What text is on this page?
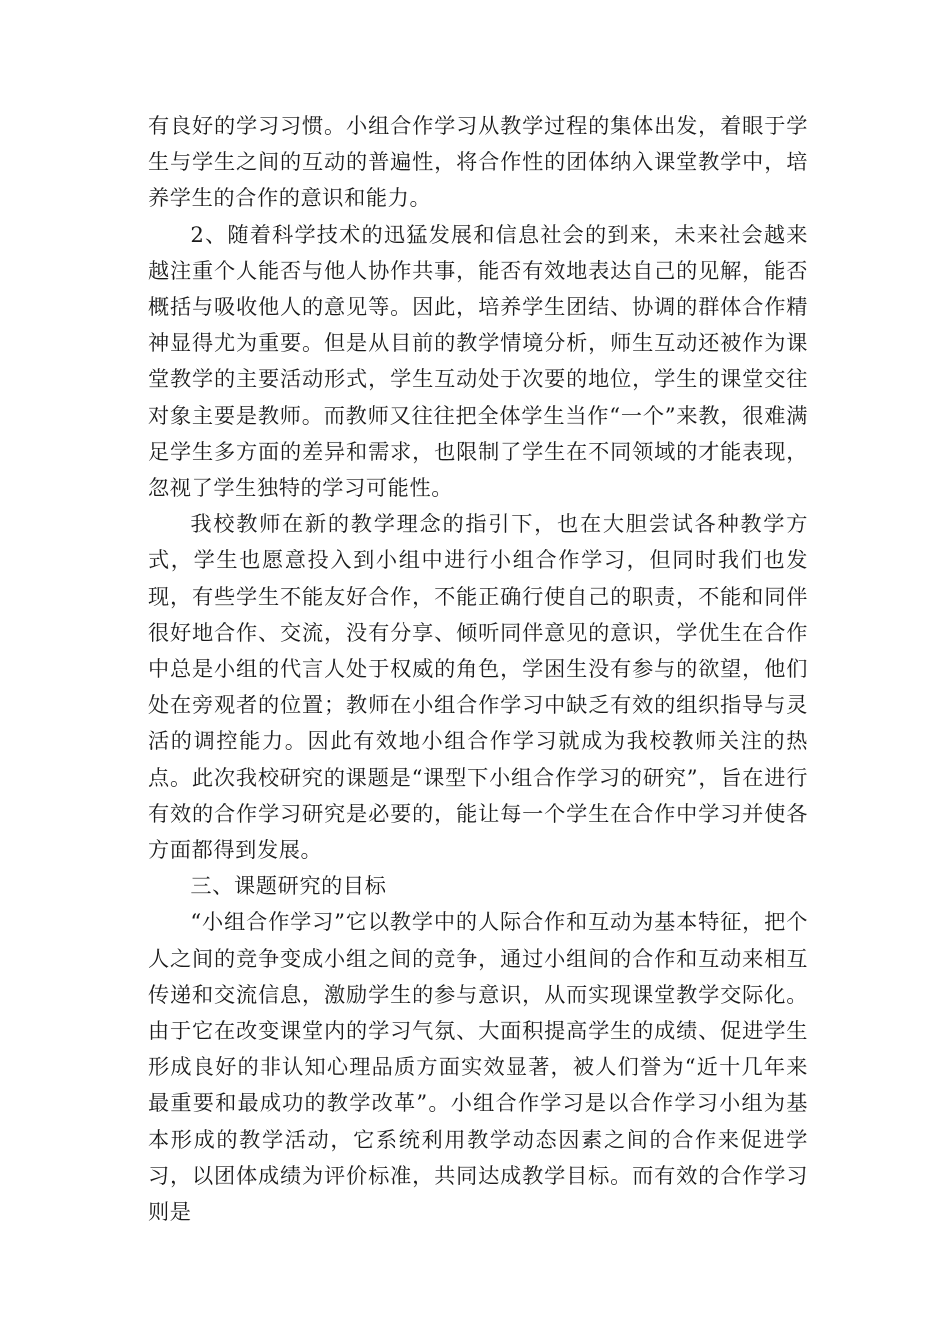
有良好的学习习惯。小组合作学习从教学过程的集体出发，着眼于学生与学生之间的互动的普遍性，将合作性的团体纳入课堂教学中，培养学生的合作的意识和能力。

2、随着科学技术的迅猛发展和信息社会的到来，未来社会越来越注重个人能否与他人协作共事，能否有效地表达自己的见解，能否概括与吸收他人的意见等。因此，培养学生团结、协调的群体合作精神显得尤为重要。但是从目前的教学情境分析，师生互动还被作为课堂教学的主要活动形式，学生互动处于次要的地位，学生的课堂交往对象主要是教师。而教师又往往把全体学生当作“一个”来教，很难满足学生多方面的差异和需求，也限制了学生在不同领域的才能表现，忽视了学生独特的学习可能性。

我校教师在新的教学理念的指引下，也在大胆尝试各种教学方式，学生也愿意投入到小组中进行小组合作学习，但同时我们也发现，有些学生不能友好合作，不能正确行使自己的职责，不能和同伴很好地合作、交流，没有分享、倾听同伴意见的意识，学优生在合作中总是小组的代言人处于权威的角色，学困生没有参与的欲望，他们处在旁观者的位置；教师在小组合作学习中缺乏有效的组织指导与灵活的调控能力。因此有效地小组合作学习就成为我校教师关注的热点。此次我校研究的课题是“课型下小组合作学习的研究”，旨在进行有效的合作学习研究是必要的，能让每一个学生在合作中学习并使各方面都得到发展。

三、课题研究的目标

“小组合作学习”它以教学中的人际合作和互动为基本特征，把个人之间的竞争变成小组之间的竞争，通过小组间的合作和互动来相互传递和交流信息，激励学生的参与意识，从而实现课堂教学交际化。由于它在改变课堂内的学习气氛、大面积提高学生的成绩、促进学生形成良好的非认知心理品质方面实效显著，被人们誉为“近十几年来最重要和最成功的教学改革”。小组合作学习是以合作学习小组为基本形成的教学活动，它系统利用教学动态因素之间的合作来促进学习，以团体成绩为评价标准，共同达成教学目标。而有效的合作学习则是
